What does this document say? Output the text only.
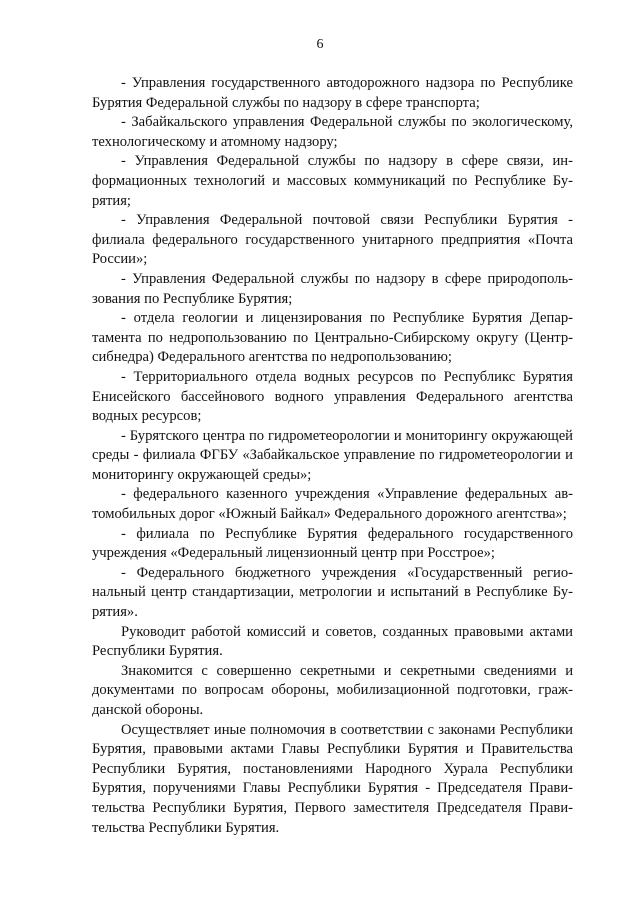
6

- Управления государственного автодорожного надзора по Республике Бурятия Федеральной службы по надзору в сфере транспорта;

- Забайкальского управления Федеральной службы по экологическому, технологическому и атомному надзору;

- Управления Федеральной службы по надзору в сфере связи, информационных технологий и массовых коммуникаций по Республике Бурятия;

- Управления Федеральной почтовой связи Республики Бурятия - филиала федерального государственного унитарного предприятия «Почта России»;

- Управления Федеральной службы по надзору в сфере природопользования по Республике Бурятия;

- отдела геологии и лицензирования по Республике Бурятия Департамента по недропользованию по Центрально-Сибирскому округу (Центрсибнедра) Федерального агентства по недропользованию;

- Территориального отдела водных ресурсов по Республикс Бурятия Енисейского бассейнового водного управления Федерального агентства водных ресурсов;

- Бурятского центра по гидрометеорологии и мониторингу окружающей среды - филиала ФГБУ «Забайкальское управление по гидрометеорологии и мониторингу окружающей среды»;

- федерального казенного учреждения «Управление федеральных автомобильных дорог «Южный Байкал» Федерального дорожного агентства»;

- филиала по Республике Бурятия федерального государственного учреждения «Федеральный лицензионный центр при Росстрое»;

- Федерального бюджетного учреждения «Государственный региональный центр стандартизации, метрологии и испытаний в Республике Бурятия».

Руководит работой комиссий и советов, созданных правовыми актами Республики Бурятия.

Знакомится с совершенно секретными и секретными сведениями и документами по вопросам обороны, мобилизационной подготовки, гражданской обороны.

Осуществляет иные полномочия в соответствии с законами Республики Бурятия, правовыми актами Главы Республики Бурятия и Правительства Республики Бурятия, постановлениями Народного Хурала Республики Бурятия, поручениями Главы Республики Бурятия - Председателя Правительства Республики Бурятия, Первого заместителя Председателя Правительства Республики Бурятия.
